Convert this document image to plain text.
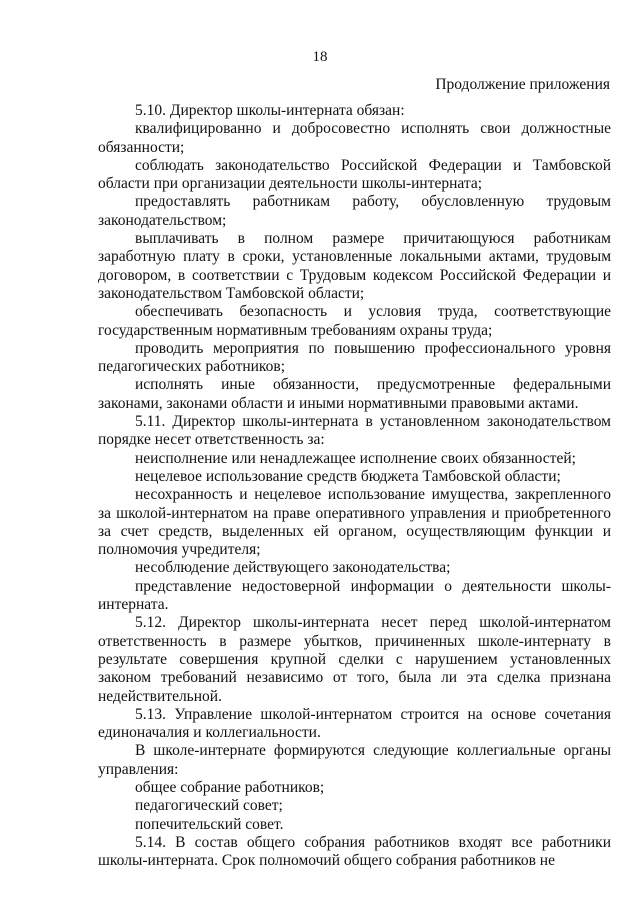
18
Продолжение приложения

5.10. Директор школы-интерната обязан:

квалифицированно и добросовестно исполнять свои должностные обязанности;

соблюдать законодательство Российской Федерации и Тамбовской области при организации деятельности школы-интерната;

предоставлять работникам работу, обусловленную трудовым законодательством;

выплачивать в полном размере причитающуюся работникам заработную плату в сроки, установленные локальными актами, трудовым договором, в соответствии с Трудовым кодексом Российской Федерации и законодательством Тамбовской области;

обеспечивать безопасность и условия труда, соответствующие государственным нормативным требованиям охраны труда;

проводить мероприятия по повышению профессионального уровня педагогических работников;

исполнять иные обязанности, предусмотренные федеральными законами, законами области и иными нормативными правовыми актами.

5.11. Директор школы-интерната в установленном законодательством порядке несет ответственность за:

неисполнение или ненадлежащее исполнение своих обязанностей;

нецелевое использование средств бюджета Тамбовской области;

несохранность и нецелевое использование имущества, закрепленного за школой-интернатом на праве оперативного управления и приобретенного за счет средств, выделенных ей органом, осуществляющим функции и полномочия учредителя;

несоблюдение действующего законодательства;

представление недостоверной информации о деятельности школы-интерната.

5.12. Директор школы-интерната несет перед школой-интернатом ответственность в размере убытков, причиненных школе-интернату в результате совершения крупной сделки с нарушением установленных законом требований независимо от того, была ли эта сделка признана недействительной.

5.13. Управление школой-интернатом строится на основе сочетания единоначалия и коллегиальности.

В школе-интернате формируются следующие коллегиальные органы управления:

общее собрание работников;

педагогический совет;

попечительский совет.

5.14. В состав общего собрания работников входят все работники школы-интерната. Срок полномочий общего собрания работников не
